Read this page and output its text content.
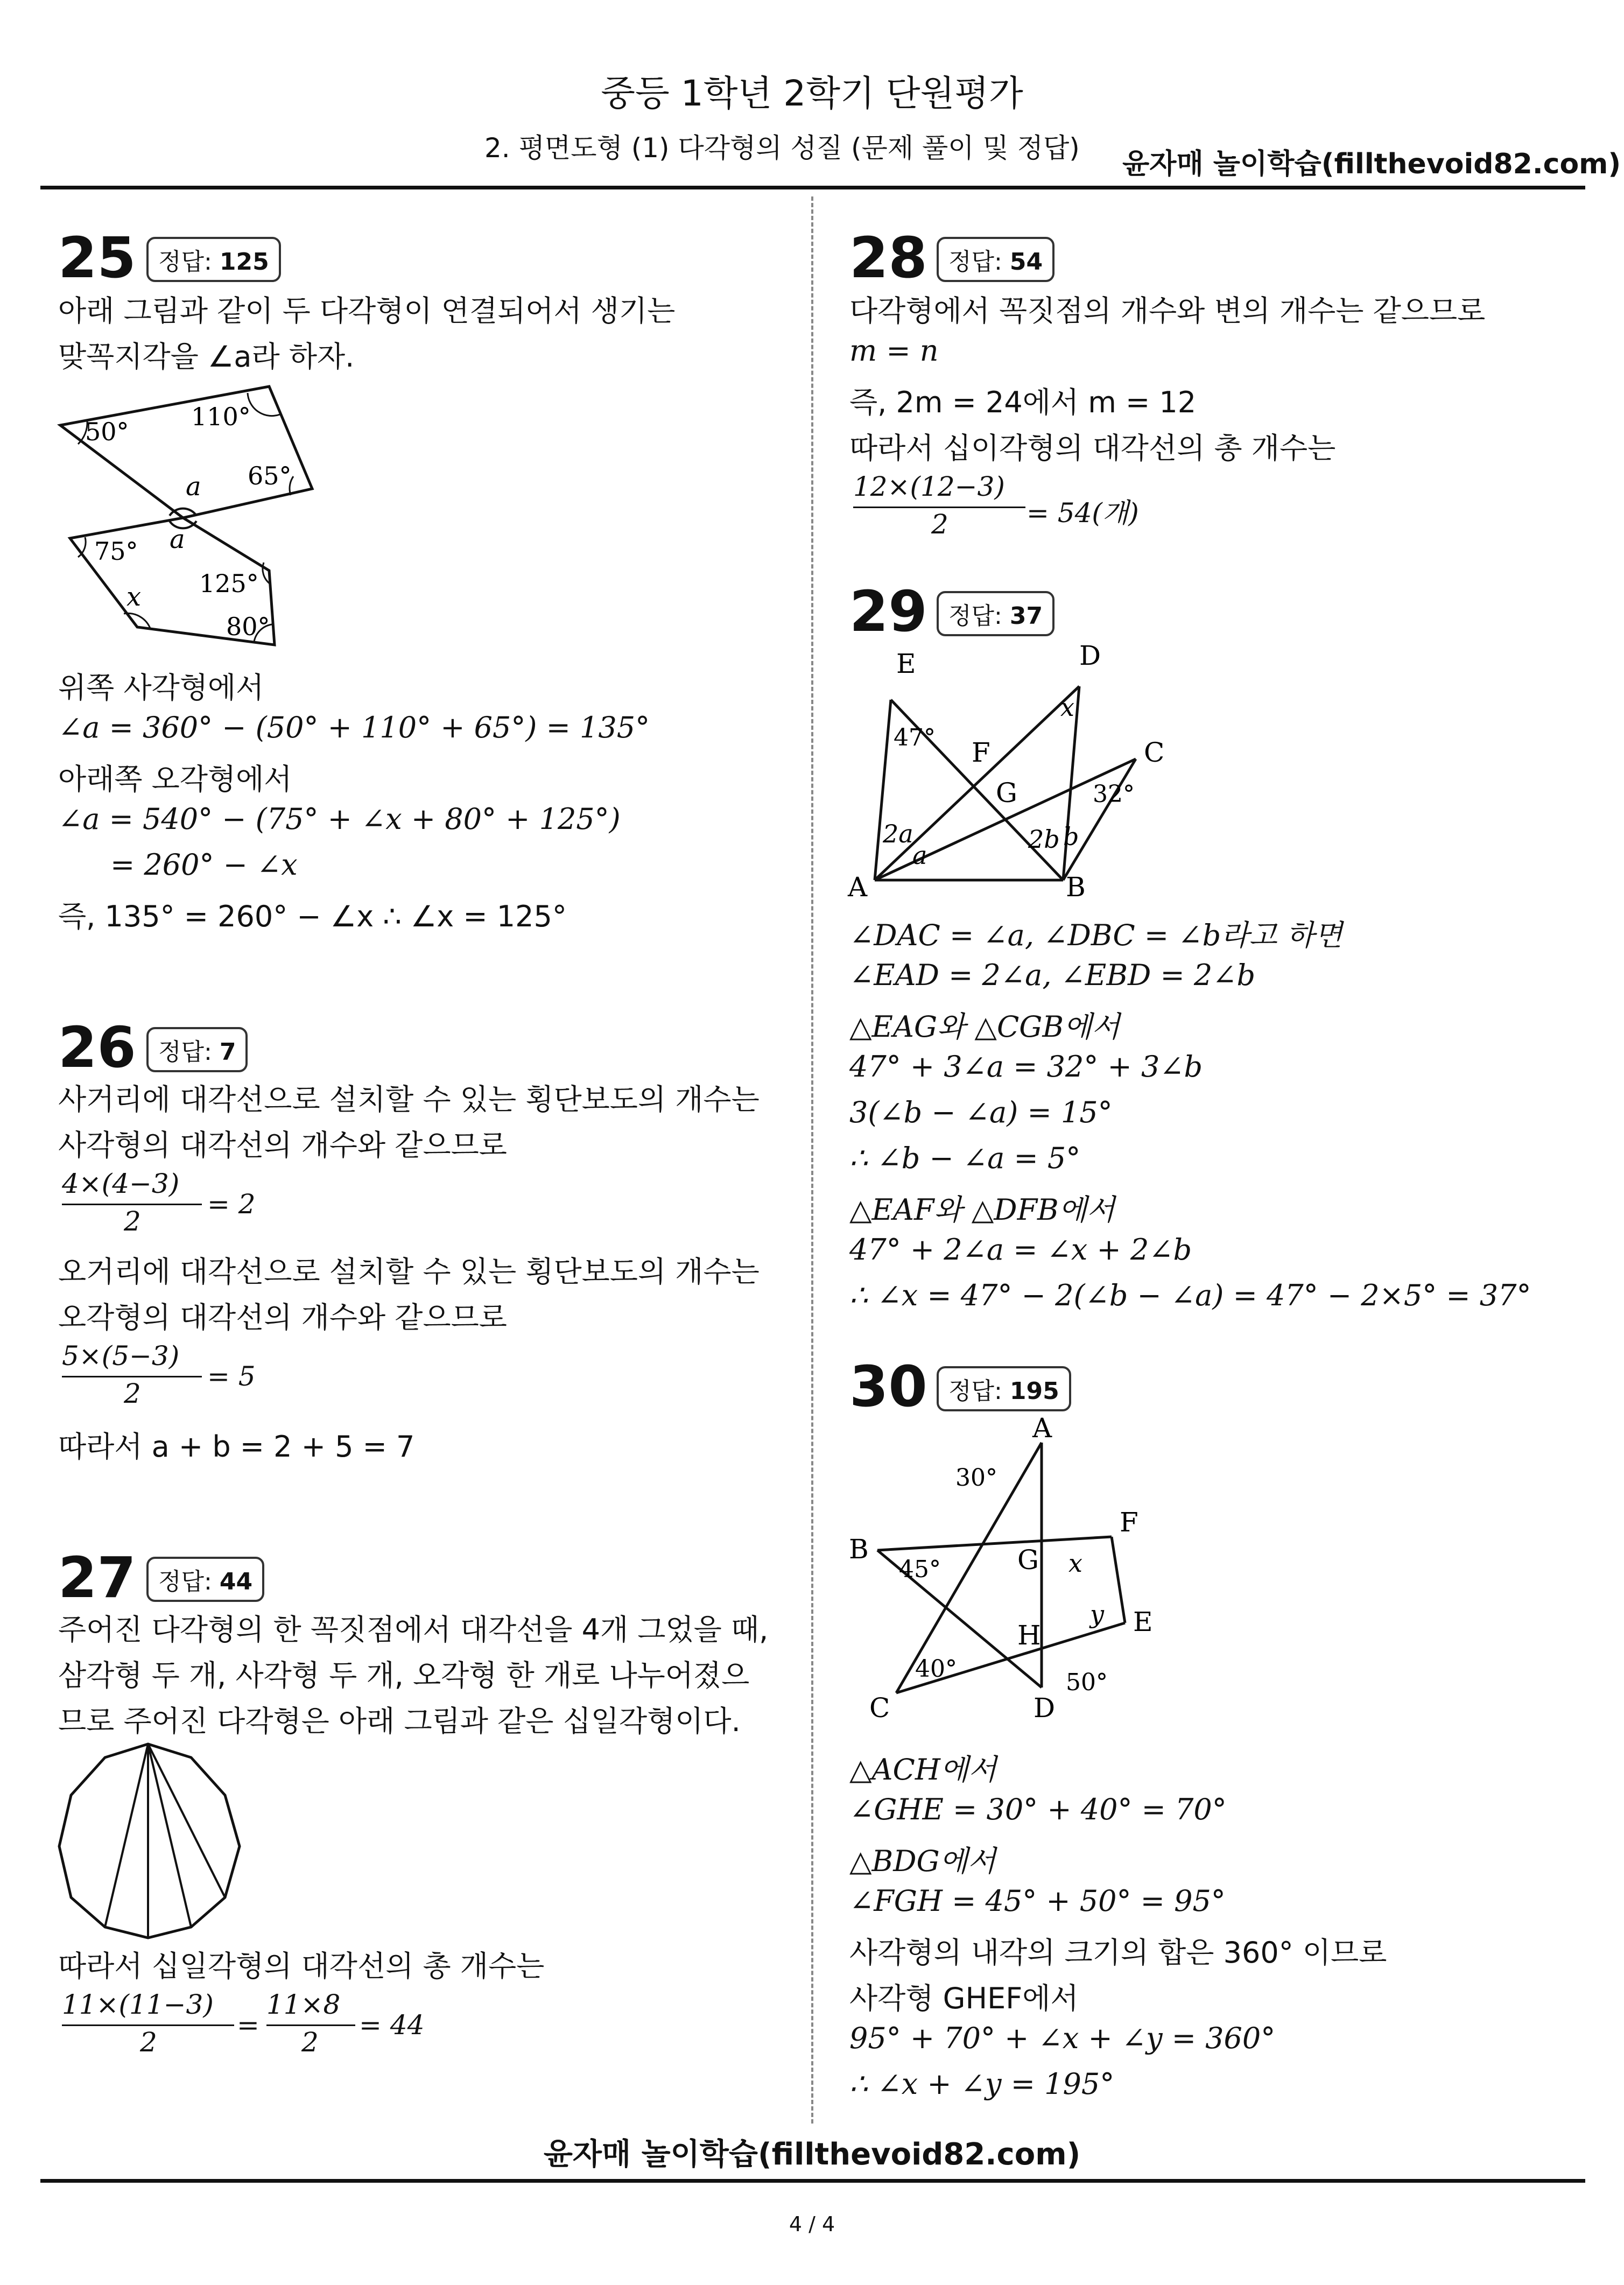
중등 1학년 2학기 단원평가
2. 평면도형 (1) 다각형의 성질 (문제 풀이 및 정답) 윤자매 놀이학습(fillthevoid82.com)
25 정답: 125
아래 그림과 같이 두 다각형이 연결되어서 생기는
맞꼭지각을 ∠a라 하자.
50°
110°
65°
a
a
75°
x 125°
80°
위쪽 사각형에서
∠a = 360° − (50° + 110° + 65°) = 135°
아래쪽 오각형에서
∠a = 540° − (75° + ∠x + 80° + 125°)
= 260° − ∠x
즉, 135° = 260° − ∠x ∴ ∠x = 125°
26 정답: 7
사거리에 대각선으로 설치할 수 있는 횡단보도의 개수는
사각형의 대각선의 개수와 같으므로
4×(4−3)
2
= 2
오거리에 대각선으로 설치할 수 있는 횡단보도의 개수는
오각형의 대각선의 개수와 같으므로
5×(5−3)
2
= 5
따라서 a + b = 2 + 5 = 7
27 정답: 44
주어진 다각형의 한 꼭짓점에서 대각선을 4개 그었을 때,
삼각형 두 개, 사각형 두 개, 오각형 한 개로 나누어졌으
므로 주어진 다각형은 아래 그림과 같은 십일각형이다.
따라서 십일각형의 대각선의 총 개수는
11×(11−3)
2
=
11×8
2
= 44
28 정답: 54
다각형에서 꼭짓점의 개수와 변의 개수는 같으므로
m = n
즉, 2m = 24에서 m = 12
따라서 십이각형의 대각선의 총 개수는
12×(12−3)
2	= 54(개)
29 정답: 37
E	D
C
F
G
A	B
47°
32°
x
2a
a
2b b
∠DAC = ∠a, ∠DBC = ∠b라고 하면
∠EAD = 2∠a, ∠EBD = 2∠b
△EAG와 △CGB에서
47° + 3∠a = 32° + 3∠b
3(∠b − ∠a) = 15°
∴ ∠b − ∠a = 5°
△EAF와 △DFB에서
47° + 2∠a = ∠x + 2∠b
∴ ∠x = 47° − 2(∠b − ∠a) = 47° − 2×5° = 37°
30 정답: 195
A
B
C	D
E
F
G
H
30°
45°
40°	50°
x
y
△ACH에서
∠GHE = 30° + 40° = 70°
△BDG에서
∠FGH = 45° + 50° = 95°
사각형의 내각의 크기의 합은 360° 이므로
사각형 GHEF에서
95° + 70° + ∠x + ∠y = 360°
∴ ∠x + ∠y = 195°
윤자매 놀이학습(fillthevoid82.com)
4 / 4
